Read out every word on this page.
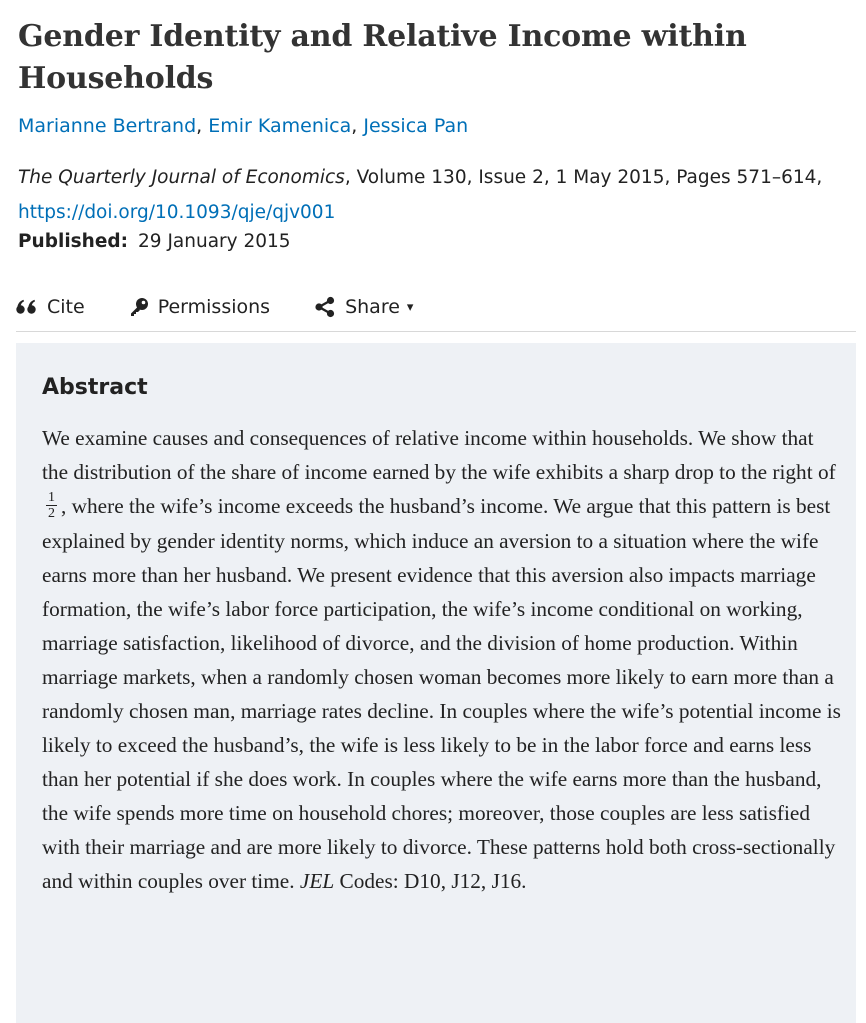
Gender Identity and Relative Income within Households
Marianne Bertrand, Emir Kamenica, Jessica Pan
The Quarterly Journal of Economics, Volume 130, Issue 2, 1 May 2015, Pages 571–614,
https://doi.org/10.1093/qje/qjv001
Published: 29 January 2015
Cite	Permissions	Share ▾
Abstract

We examine causes and consequences of relative income within households. We show that the distribution of the share of income earned by the wife exhibits a sharp drop to the right of
$\frac{1}{2}$ , where the wife’s income exceeds the husband’s income. We argue that this pattern is best explained by gender identity norms, which induce an aversion to a situation where the wife earns more than her husband. We present evidence that this aversion also impacts marriage formation, the wife’s labor force participation, the wife’s income conditional on working, marriage satisfaction, likelihood of divorce, and the division of home production. Within marriage markets, when a randomly chosen woman becomes more likely to earn more than a randomly chosen man, marriage rates decline. In couples where the wife’s potential income is likely to exceed the husband’s, the wife is less likely to be in the labor force and earns less than her potential if she does work. In couples where the wife earns more than the husband, the wife spends more time on household chores; moreover, those couples are less satisfied with their marriage and are more likely to divorce. These patterns hold both cross-sectionally and within couples over time. JEL Codes: D10, J12, J16.
